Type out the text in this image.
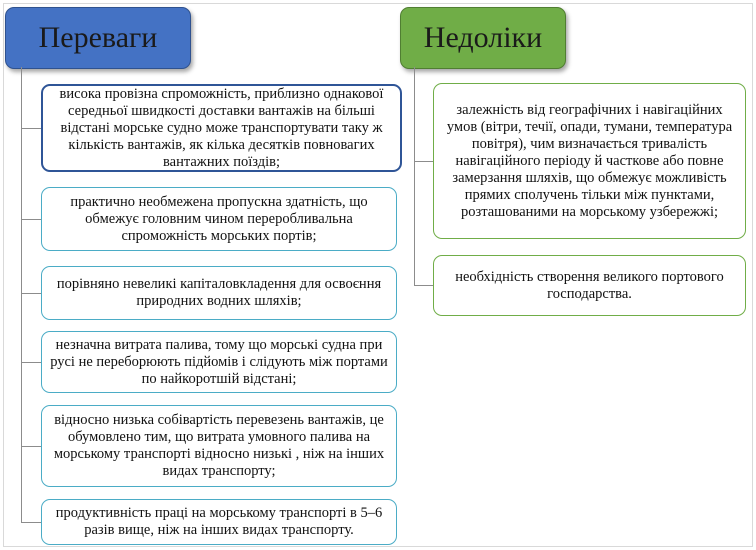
Переваги	Недоліки
висока провізна спроможність, приблизно однакової середньої швидкості доставки вантажів на більші відстані морське судно може транспортувати таку ж кількість вантажів, як кілька десятків повновагих вантажних поїздів;
практично необмежена пропускна здатність, що обмежує головним чином переробливальна спроможність морських портів;
порівняно невеликі капіталовкладення для освоєння природних водних шляхів;
незначна витрата палива, тому що морські судна при русі не переборюють підйомів і слідують між портами по найкоротшій відстані;
відносно низька собівартість перевезень вантажів, це обумовлено тим, що витрата умовного палива на морському транспорті відносно низькі , ніж на інших видах транспорту;
продуктивність праці на морському транспорті в 5–6 разів вище, ніж на інших видах транспорту.
залежність від географічних і навігаційних умов (вітри, течії, опади, тумани, температура повітря), чим визначається тривалість навігаційного періоду й часткове або повне замерзання шляхів, що обмежує можливість прямих сполучень тільки між пунктами, розташованими на морському узбережжі;
необхідність створення великого портового господарства.
